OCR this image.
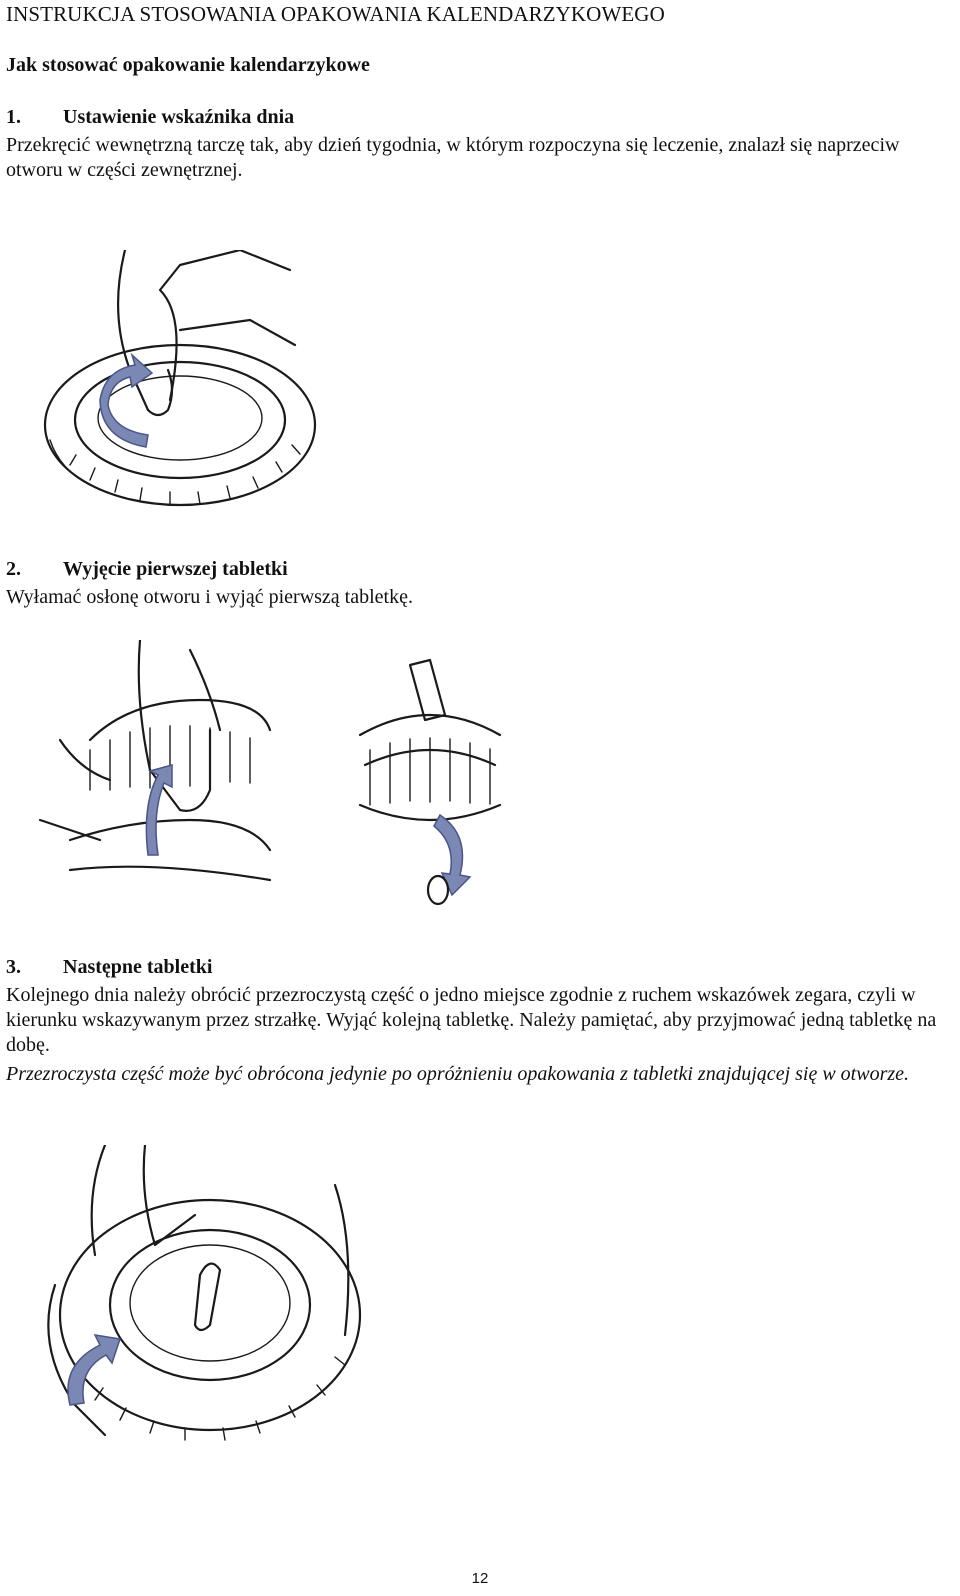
INSTRUKCJA STOSOWANIA OPAKOWANIA KALENDARZYKOWEGO
Jak stosować opakowanie kalendarzykowe
1. Ustawienie wskaźnika dnia
Przekręcić wewnętrzną tarczę tak, aby dzień tygodnia, w którym rozpoczyna się leczenie, znalazł się naprzeciw otworu w części zewnętrznej.
2. Wyjęcie pierwszej tabletki
Wyłamać osłonę otworu i wyjąć pierwszą tabletkę.
3. Następne tabletki
Kolejnego dnia należy obrócić przezroczystą część o jedno miejsce zgodnie z ruchem wskazówek zegara, czyli w kierunku wskazywanym przez strzałkę. Wyjąć kolejną tabletkę. Należy pamiętać, aby przyjmować jedną tabletkę na dobę.
Przezroczysta część może być obrócona jedynie po opróżnieniu opakowania z tabletki znajdującej się w otworze.
12
